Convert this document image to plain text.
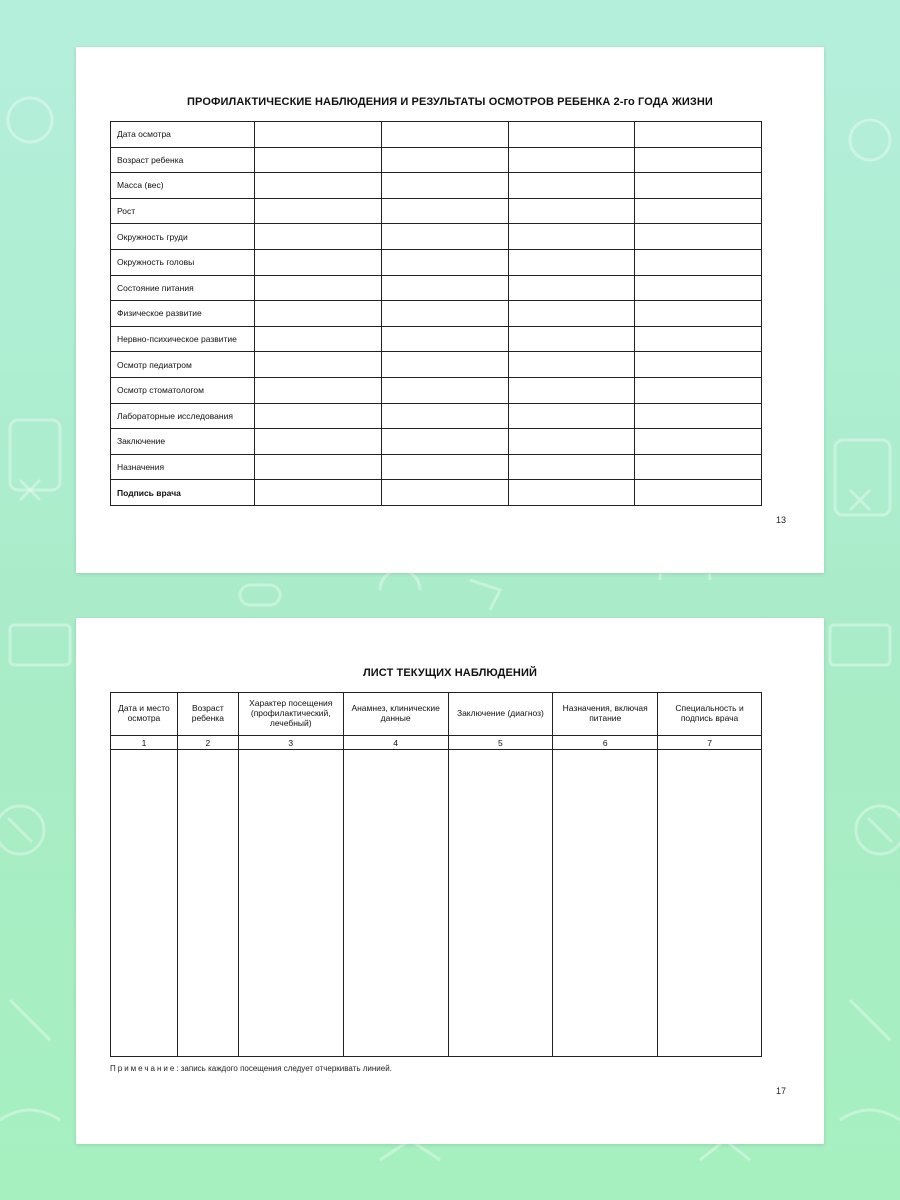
ПРОФИЛАКТИЧЕСКИЕ НАБЛЮДЕНИЯ И РЕЗУЛЬТАТЫ ОСМОТРОВ РЕБЕНКА 2-го ГОДА ЖИЗНИ
Дата осмотра				
Возраст ребенка				
Масса (вес)				
Рост				
Окружность груди				
Окружность головы				
Состояние питания				
Физическое развитие				
Нервно-психическое развитие				
Осмотр педиатром				
Осмотр стоматологом				
Лабораторные исследования				
Заключение				
Назначения				
Подпись врача				
13
ЛИСТ ТЕКУЩИХ НАБЛЮДЕНИЙ
Дата и место осмотра	Возраст ребенка	Характер посещения (профилактический, лечебный)	Анамнез, клинические данные	Заключение (диагноз)	Назначения, включая питание	Специальность и подпись врача
1	2	3	4	5	6	7

Примечание: запись каждого посещения следует отчеркивать линией.
17
